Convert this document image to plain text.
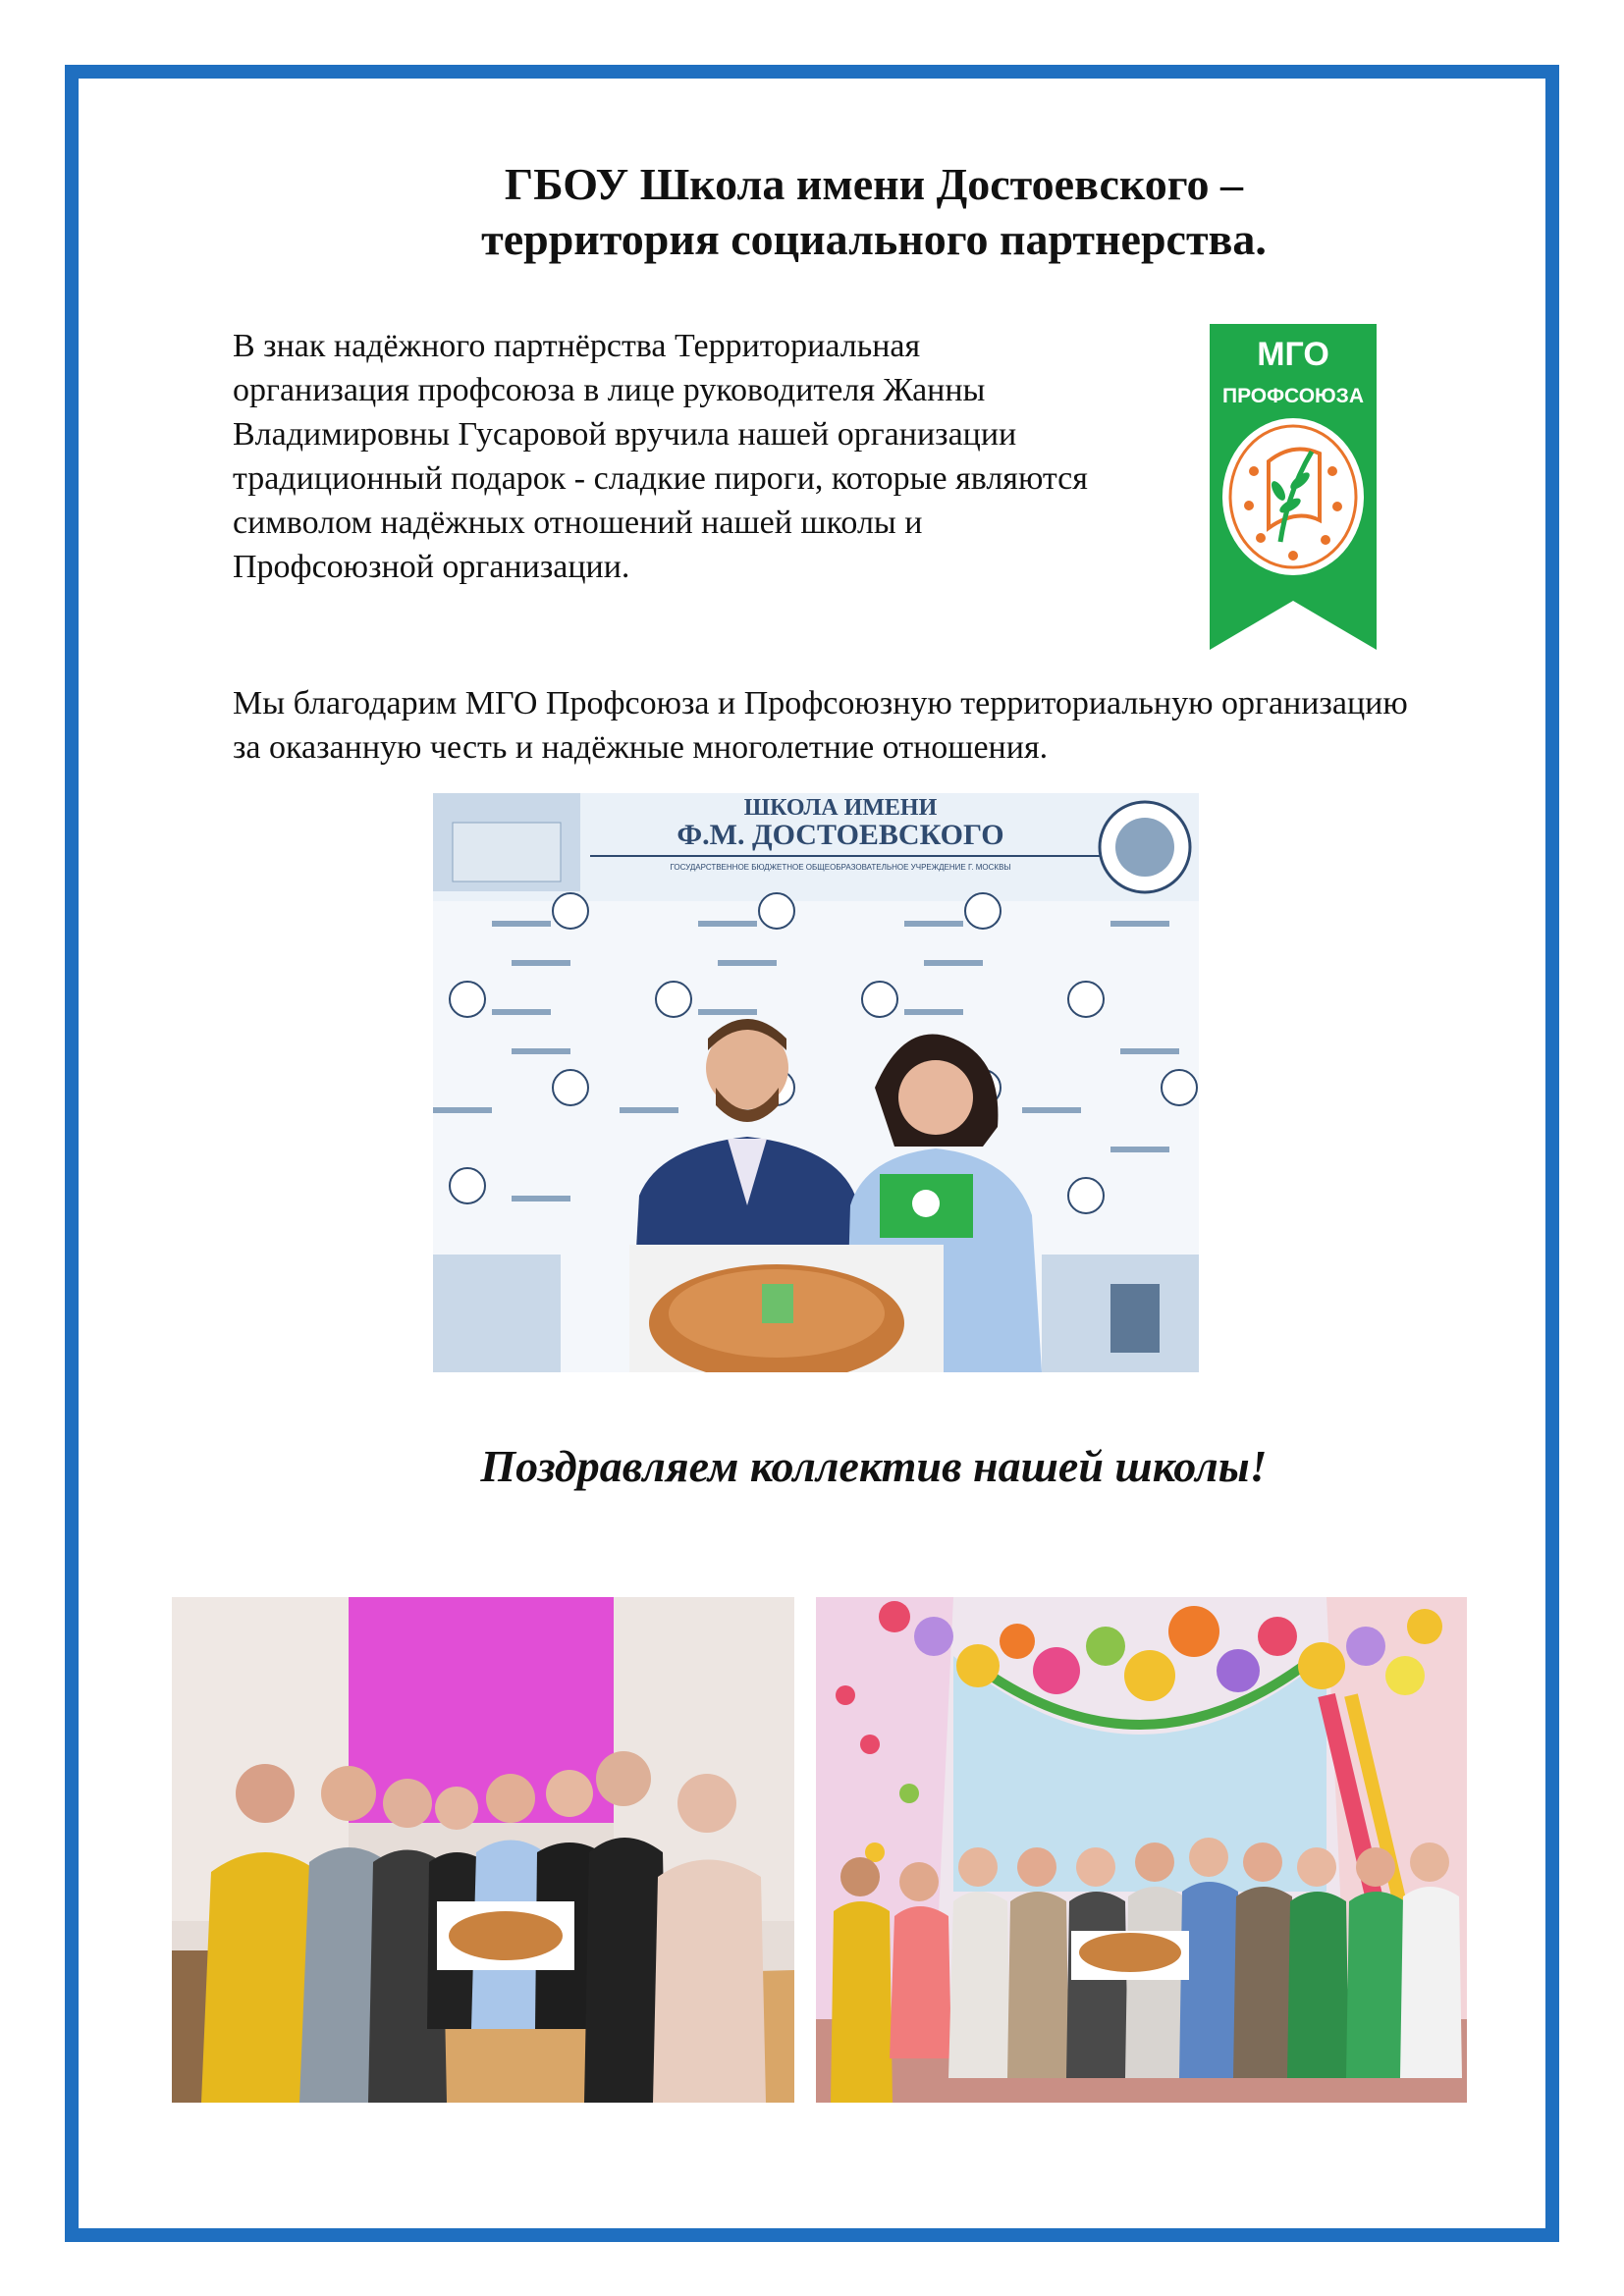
ГБОУ Школа имени Достоевского –
территория социального партнерства.

В знак надёжного партнёрства Территориальная организация профсоюза в лице руководителя Жанны Владимировны Гусаровой вручила нашей организации традиционный подарок - сладкие пироги, которые являются символом надёжных отношений нашей школы и Профсоюзной организации.

МГО
ПРОФСОЮЗА

Мы благодарим МГО Профсоюза и Профсоюзную территориальную организацию за оказанную честь и надёжные многолетние отношения.

ШКОЛА ИМЕНИ
Ф.М. ДОСТОЕВСКОГО
ГОСУДАРСТВЕННОЕ БЮДЖЕТНОЕ ОБЩЕОБРАЗОВАТЕЛЬНОЕ УЧРЕЖДЕНИЕ Г. МОСКВЫ

Поздравляем коллектив нашей школы!
